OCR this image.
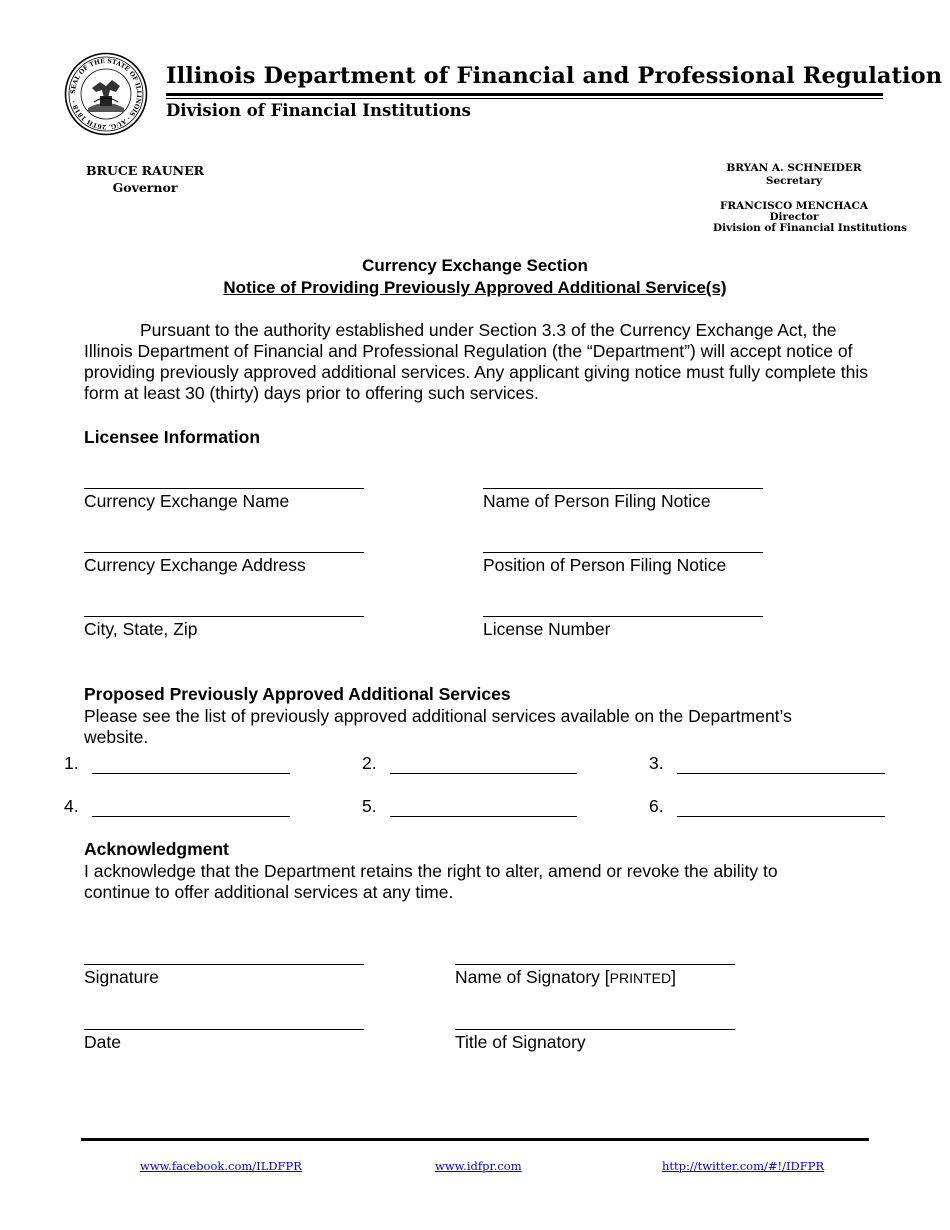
SEAL OF THE STATE OF ILLINOIS · AUG. 26TH 1818 ·
Illinois Department of Financial and Professional Regulation
Division of Financial Institutions
BRUCE RAUNER
Governor
BRYAN A. SCHNEIDER
Secretary
FRANCISCO MENCHACA
Director
Division of Financial Institutions
Currency Exchange Section
Notice of Providing Previously Approved Additional Service(s)
Pursuant to the authority established under Section 3.3 of the Currency Exchange Act, the Illinois Department of Financial and Professional Regulation (the “Department”) will accept notice of providing previously approved additional services. Any applicant giving notice must fully complete this form at least 30 (thirty) days prior to offering such services.
Licensee Information
Currency Exchange Name	Name of Person Filing Notice
Currency Exchange Address	Position of Person Filing Notice
City, State, Zip	License Number
Proposed Previously Approved Additional Services
Please see the list of previously approved additional services available on the Department’s
website.
1.	2.	3.
4.	5.	6.
Acknowledgment
I acknowledge that the Department retains the right to alter, amend or revoke the ability to
continue to offer additional services at any time.
Signature	Name of Signatory [PRINTED]
Date	Title of Signatory
www.facebook.com/ILDFPR	www.idfpr.com	http://twitter.com/#!/IDFPR
